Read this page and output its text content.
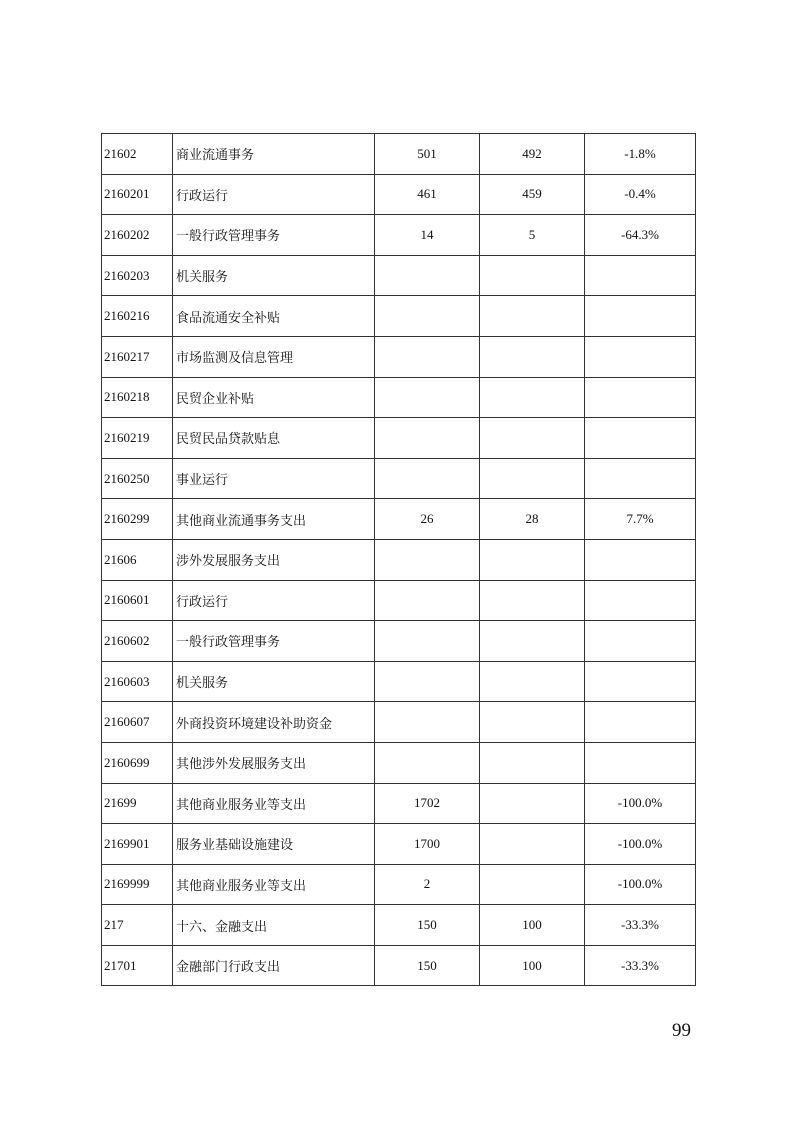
21602	商业流通事务	501	492	-1.8%
2160201	行政运行	461	459	-0.4%
2160202	一般行政管理事务	14	5	-64.3%
2160203	机关服务			
2160216	食品流通安全补贴			
2160217	市场监测及信息管理			
2160218	民贸企业补贴			
2160219	民贸民品贷款贴息			
2160250	事业运行			
2160299	其他商业流通事务支出	26	28	7.7%
21606	涉外发展服务支出			
2160601	行政运行			
2160602	一般行政管理事务			
2160603	机关服务			
2160607	外商投资环境建设补助资金			
2160699	其他涉外发展服务支出			
21699	其他商业服务业等支出	1702		-100.0%
2169901	服务业基础设施建设	1700		-100.0%
2169999	其他商业服务业等支出	2		-100.0%
217	十六、金融支出	150	100	-33.3%
21701	金融部门行政支出	150	100	-33.3%
99
